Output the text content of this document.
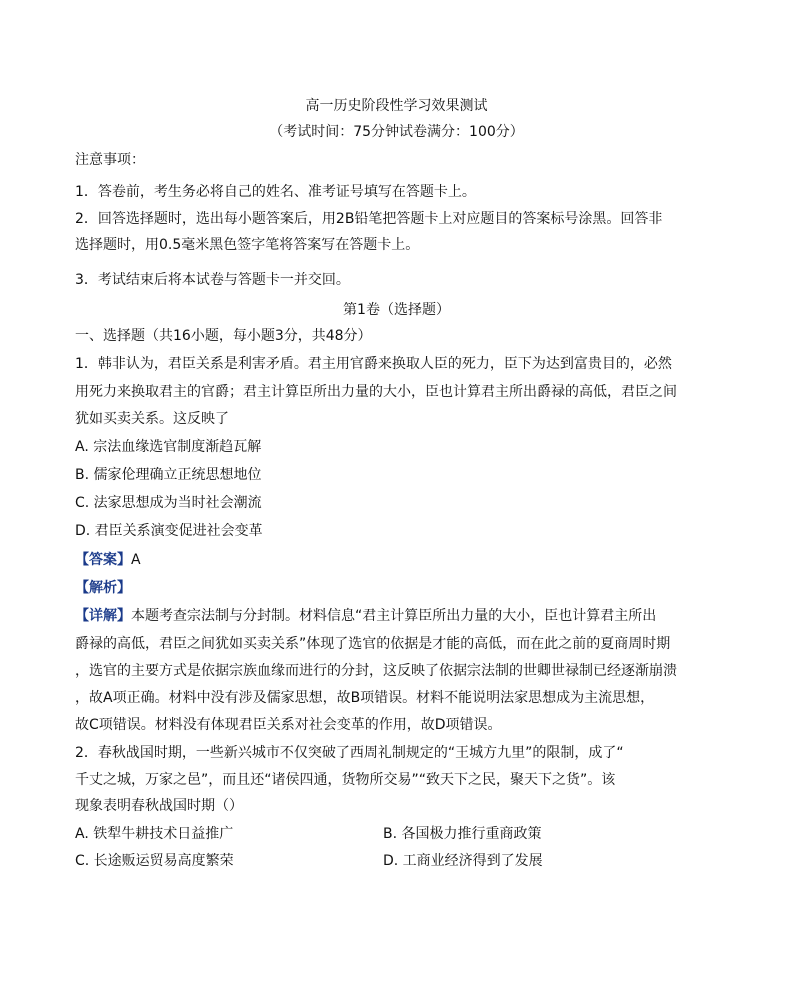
高一历史阶段性学习效果测试
（考试时间：75分钟试卷满分：100分）
注意事项：
1．答卷前，考生务必将自己的姓名、准考证号填写在答题卡上。
2．回答选择题时，选出每小题答案后，用2B铅笔把答题卡上对应题目的答案标号涂黑。回答非
选择题时，用0.5毫米黑色签字笔将答案写在答题卡上。
3．考试结束后将本试卷与答题卡一并交回。
第1卷（选择题）
一、选择题（共16小题，每小题3分，共48分）
1．韩非认为，君臣关系是利害矛盾。君主用官爵来换取人臣的死力，臣下为达到富贵目的，必然
用死力来换取君主的官爵；君主计算臣所出力量的大小，臣也计算君主所出爵禄的高低，君臣之间
犹如买卖关系。这反映了
A. 宗法血缘选官制度渐趋瓦解
B. 儒家伦理确立正统思想地位
C. 法家思想成为当时社会潮流
D. 君臣关系演变促进社会变革
【答案】A
【解析】
【详解】本题考查宗法制与分封制。材料信息“君主计算臣所出力量的大小，臣也计算君主所出
爵禄的高低，君臣之间犹如买卖关系”体现了选官的依据是才能的高低，而在此之前的夏商周时期
，选官的主要方式是依据宗族血缘而进行的分封，这反映了依据宗法制的世卿世禄制已经逐渐崩溃
，故A项正确。材料中没有涉及儒家思想，故B项错误。材料不能说明法家思想成为主流思想，
故C项错误。材料没有体现君臣关系对社会变革的作用，故D项错误。
2．春秋战国时期，一些新兴城市不仅突破了西周礼制规定的“王城方九里”的限制，成了“
千丈之城，万家之邑”，而且还“诸侯四通，货物所交易”“致天下之民，聚天下之货”。该
现象表明春秋战国时期（）
A. 铁犁牛耕技术日益推广	B. 各国极力推行重商政策
C. 长途贩运贸易高度繁荣	D. 工商业经济得到了发展
